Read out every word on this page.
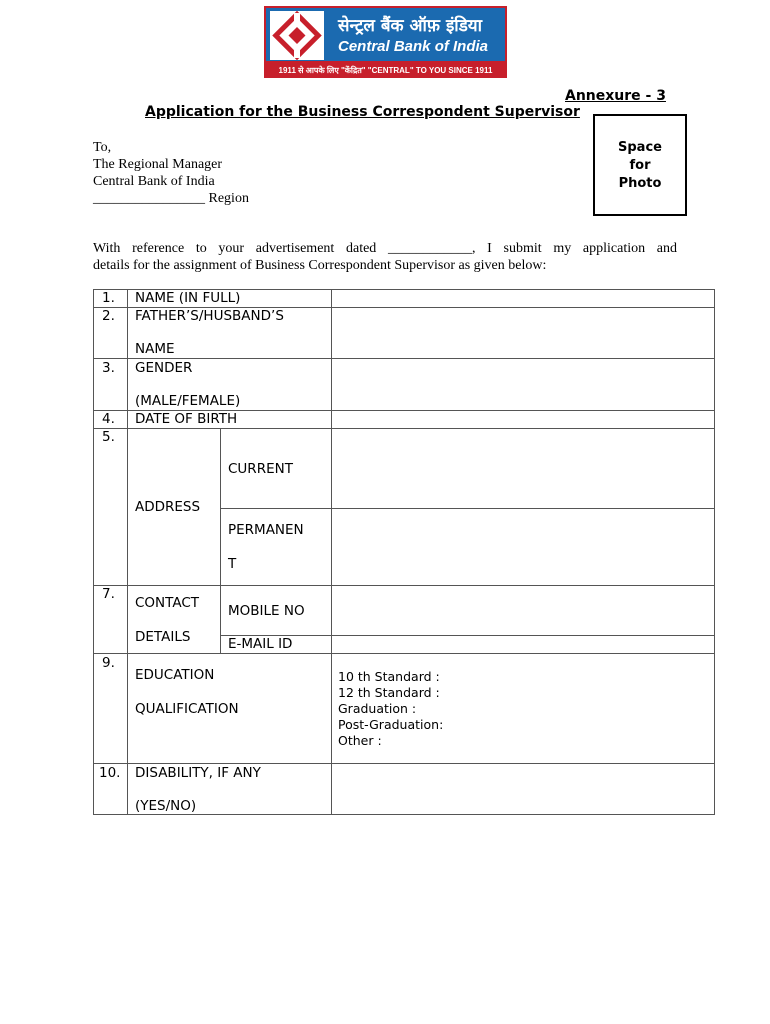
सेन्ट्रल बैंक ऑफ़ इंडिया
Central Bank of India
1911 से आपके लिए "केंद्रित" "CENTRAL" TO YOU SINCE 1911
Annexure - 3
Application for the Business Correspondent Supervisor
Space
for
Photo
To,
The Regional Manager
Central Bank of India
________________ Region
With reference to your advertisement dated ____________, I submit my application and
details for the assignment of Business Correspondent Supervisor as given below:
1. NAME (IN FULL)
2. FATHER’S/HUSBAND’S
NAME
3. GENDER
(MALE/FEMALE)
4. DATE OF BIRTH
5.
ADDRESS
CURRENT
PERMANEN
T
7.
CONTACT
DETAILS
MOBILE NO
E-MAIL ID
9.
EDUCATION
QUALIFICATION
10 th Standard :
12 th Standard :
Graduation :
Post-Graduation:
Other :
10. DISABILITY, IF ANY
(YES/NO)
